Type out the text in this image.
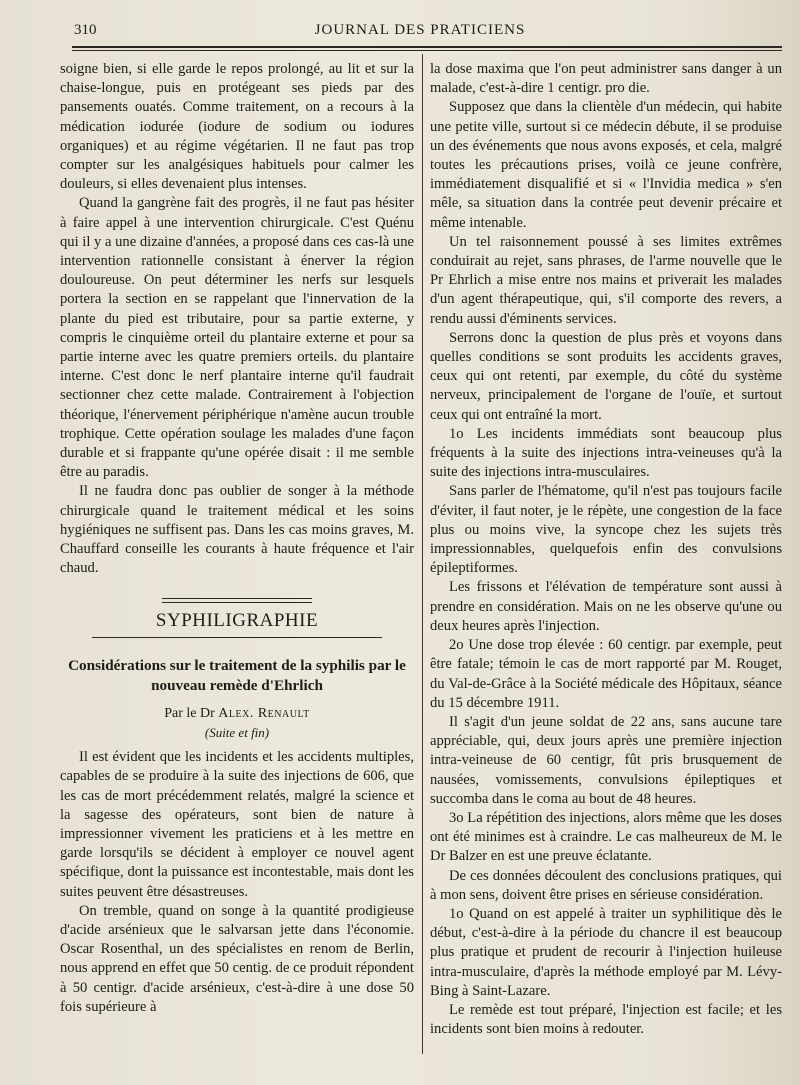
310	JOURNAL DES PRATICIENS

soigne bien, si elle garde le repos prolongé, au lit et sur la chaise-longue, puis en protégeant ses pieds par des pansements ouatés. Comme traitement, on a recours à la médication iodurée (iodure de sodium ou iodures organiques) et au régime végétarien. Il ne faut pas trop compter sur les analgésiques habituels pour calmer les douleurs, si elles devenaient plus intenses.

Quand la gangrène fait des progrès, il ne faut pas hésiter à faire appel à une intervention chirurgicale. C'est Quénu qui il y a une dizaine d'années, a proposé dans ces cas-là une intervention rationnelle consistant à énerver la région douloureuse. On peut déterminer les nerfs sur lesquels portera la section en se rappelant que l'innervation de la plante du pied est tributaire, pour sa partie externe, y compris le cinquième orteil du plantaire externe et pour sa partie interne avec les quatre premiers orteils. du plantaire interne. C'est donc le nerf plantaire interne qu'il faudrait sectionner chez cette malade. Contrairement à l'objection théorique, l'énervement périphérique n'amène aucun trouble trophique. Cette opération soulage les malades d'une façon durable et si frappante qu'une opérée disait : il me semble être au paradis.

Il ne faudra donc pas oublier de songer à la méthode chirurgicale quand le traitement médical et les soins hygiéniques ne suffisent pas. Dans les cas moins graves, M. Chauffard conseille les courants à haute fréquence et l'air chaud.

SYPHILIGRAPHIE
Considérations sur le traitement de la syphilis par le nouveau remède d'Ehrlich

Par le Dr Alex. Renault

(Suite et fin)

Il est évident que les incidents et les accidents multiples, capables de se produire à la suite des injections de 606, que les cas de mort précédemment relatés, malgré la science et la sagesse des opérateurs, sont bien de nature à impressionner vivement les praticiens et à les mettre en garde lorsqu'ils se décident à employer ce nouvel agent spécifique, dont la puissance est incontestable, mais dont les suites peuvent être désastreuses.

On tremble, quand on songe à la quantité prodigieuse d'acide arsénieux que le salvarsan jette dans l'économie. Oscar Rosenthal, un des spécialistes en renom de Berlin, nous apprend en effet que 50 centig. de ce produit répondent à 50 centigr. d'acide arsénieux, c'est-à-dire à une dose 50 fois supérieure à

la dose maxima que l'on peut administrer sans danger à un malade, c'est-à-dire 1 centigr. pro die.

Supposez que dans la clientèle d'un médecin, qui habite une petite ville, surtout si ce médecin débute, il se produise un des événements que nous avons exposés, et cela, malgré toutes les précautions prises, voilà ce jeune confrère, immédiatement disqualifié et si « l'Invidia medica » s'en mêle, sa situation dans la contrée peut devenir précaire et même intenable.

Un tel raisonnement poussé à ses limites extrêmes conduirait au rejet, sans phrases, de l'arme nouvelle que le Pr Ehrlich a mise entre nos mains et priverait les malades d'un agent thérapeutique, qui, s'il comporte des revers, a rendu aussi d'éminents services.

Serrons donc la question de plus près et voyons dans quelles conditions se sont produits les accidents graves, ceux qui ont retenti, par exemple, du côté du système nerveux, principalement de l'organe de l'ouïe, et surtout ceux qui ont entraîné la mort.

1o Les incidents immédiats sont beaucoup plus fréquents à la suite des injections intra-veineuses qu'à la suite des injections intra-musculaires.

Sans parler de l'hématome, qu'il n'est pas toujours facile d'éviter, il faut noter, je le répète, une congestion de la face plus ou moins vive, la syncope chez les sujets très impressionnables, quelquefois enfin des convulsions épileptiformes.

Les frissons et l'élévation de température sont aussi à prendre en considération. Mais on ne les observe qu'une ou deux heures après l'injection.

2o Une dose trop élevée : 60 centigr. par exemple, peut être fatale; témoin le cas de mort rapporté par M. Rouget, du Val-de-Grâce à la Société médicale des Hôpitaux, séance du 15 décembre 1911.

Il s'agit d'un jeune soldat de 22 ans, sans aucune tare appréciable, qui, deux jours après une première injection intra-veineuse de 60 centigr, fût pris brusquement de nausées, vomissements, convulsions épileptiques et succomba dans le coma au bout de 48 heures.

3o La répétition des injections, alors même que les doses ont été minimes est à craindre. Le cas malheureux de M. le Dr Balzer en est une preuve éclatante.

De ces données découlent des conclusions pratiques, qui à mon sens, doivent être prises en sérieuse considération.

1o Quand on est appelé à traiter un syphilitique dès le début, c'est-à-dire à la période du chancre il est beaucoup plus pratique et prudent de recourir à l'injection huileuse intra-musculaire, d'après la méthode employé par M. Lévy-Bing à Saint-Lazare.

Le remède est tout préparé, l'injection est facile; et les incidents sont bien moins à redouter.
